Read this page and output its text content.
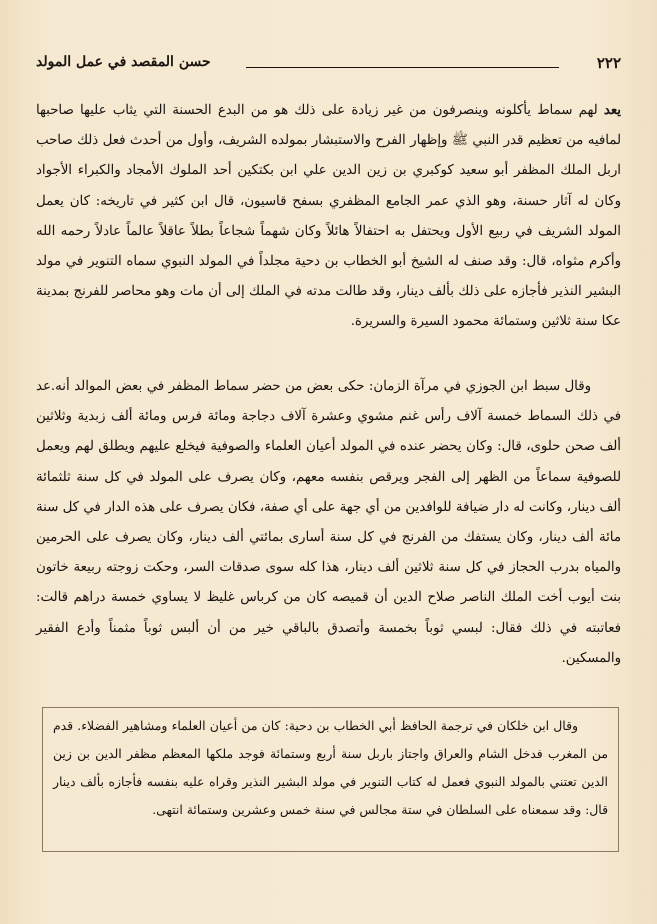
٢٢٢
حسن المقصد في عمل المولد
يعد لهم سماط يأكلونه وينصرفون من غير زيادة على ذلك هو من البدع الحسنة التي يثاب عليها صاحبها لمافيه من تعظيم قدر النبي ﷺ وإظهار الفرح والاستبشار بمولده الشريف، وأول من أحدث فعل ذلك صاحب اربل الملك المظفر أبو سعيد كوكبري بن زين الدين علي ابن بكتكين أحد الملوك الأمجاد والكبراء الأجواد وكان له آثار حسنة، وهو الذي عمر الجامع المظفري بسفح قاسيون، قال ابن كثير في تاريخه: كان يعمل المولد الشريف في ربيع الأول ويحتفل به احتفالاً هائلاً وكان شهماً شجاعاً بطلاً عاقلاً عالماً عادلاً رحمه الله وأكرم مثواه، قال: وقد صنف له الشيخ أبو الخطاب بن دحية مجلداً في المولد النبوي سماه التنوير في مولد البشير النذير فأجازه على ذلك بألف دينار، وقد طالت مدته في الملك إلى أن مات وهو محاصر للفرنج بمدينة عكا سنة ثلاثين وستمائة محمود السيرة والسريرة.

وقال سبط ابن الجوزي في مرآة الزمان: حكى بعض من حضر سماط المظفر في بعض الموالد أنه.عد في ذلك السماط خمسة آلاف رأس غنم مشوي وعشرة آلاف دجاجة ومائة فرس ومائة ألف زبدية وثلاثين ألف صحن حلوى، قال: وكان يحضر عنده في المولد أعيان العلماء والصوفية فيخلع عليهم ويطلق لهم ويعمل للصوفية سماعاً من الظهر إلى الفجر ويرقص بنفسه معهم، وكان يصرف على المولد في كل سنة ثلثمائة ألف دينار، وكانت له دار ضيافة للوافدين من أي جهة على أي صفة، فكان يصرف على هذه الدار في كل سنة مائة ألف دينار، وكان يستفك من الفرنج في كل سنة أسارى بمائتي ألف دينار، وكان يصرف على الحرمين والمياه بدرب الحجاز في كل سنة ثلاثين ألف دينار، هذا كله سوى صدقات السر، وحكت زوجته ربيعة خاتون بنت أيوب أخت الملك الناصر صلاح الدين أن قميصه كان من كرباس غليظ لا يساوي خمسة دراهم قالت: فعاتبته في ذلك فقال: لبسي ثوباً بخمسة وأتصدق بالباقي خير من أن ألبس ثوباً مثمناً وأدع الفقير والمسكين.

وقال ابن خلكان في ترجمة الحافظ أبي الخطاب بن دحية: كان من أعيان العلماء ومشاهير الفضلاء. قدم من المغرب فدخل الشام والعراق واجتاز باربل سنة أربع وستمائة فوجد ملكها المعظم مظفر الدين بن زين الدين تعتني بالمولد النبوي فعمل له كتاب التنوير في مولد البشير النذير وقراه عليه بنفسه فأجازه بألف دينار قال: وقد سمعناه على السلطان في ستة مجالس في سنة خمس وعشرين وستمائة انتهى.
